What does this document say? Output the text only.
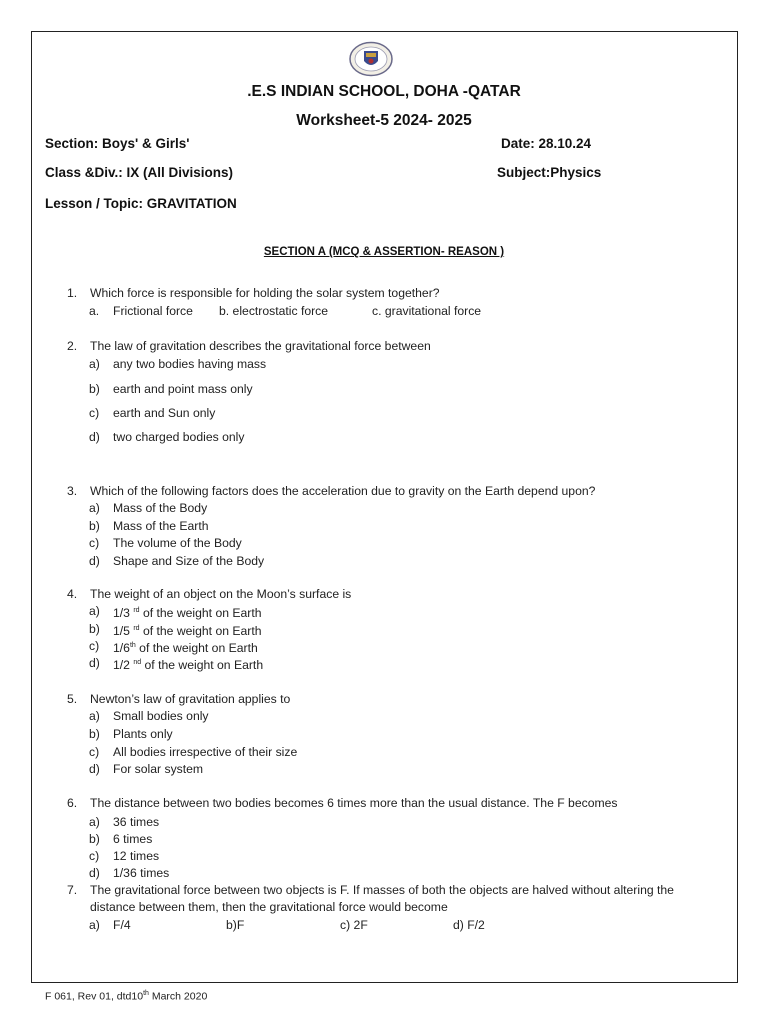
.E.S INDIAN SCHOOL, DOHA -QATAR
Worksheet-5 2024- 2025
Section: Boys' & Girls'	Date: 28.10.24
Class &Div.: IX (All Divisions)	Subject:Physics
Lesson / Topic: GRAVITATION
SECTION A (MCQ & ASSERTION- REASON )
1. Which force is responsible for holding the solar system together?
a. Frictional force b. electrostatic force	c. gravitational force
2. The law of gravitation describes the gravitational force between
a) any two bodies having mass
b) earth and point mass only
c) earth and Sun only
d) two charged bodies only
3. Which of the following factors does the acceleration due to gravity on the Earth depend upon?
a) Mass of the Body
b) Mass of the Earth
c) The volume of the Body
d) Shape and Size of the Body
4. The weight of an object on the Moon’s surface is
a) 1/3 $^{rd}$ of the weight on Earth
b) 1/5 $^{rd}$ of the weight on Earth
c) 1/6th of the weight on Earth
d) 1/2 $^{nd}$ of the weight on Earth
5. Newton’s law of gravitation applies to
a) Small bodies only
b) Plants only
c) All bodies irrespective of their size
d) For solar system
6. The distance between two bodies becomes 6 times more than the usual distance. The F becomes
a) 36 times
b) 6 times
c) 12 times
d) 1/36 times
7. The gravitational force between two objects is F. If masses of both the objects are halved without altering the
distance between them, then the gravitational force would become
a) F/4	b)F	c) 2F	d) F/2
F 061, Rev 01, dtd10th March 2020
